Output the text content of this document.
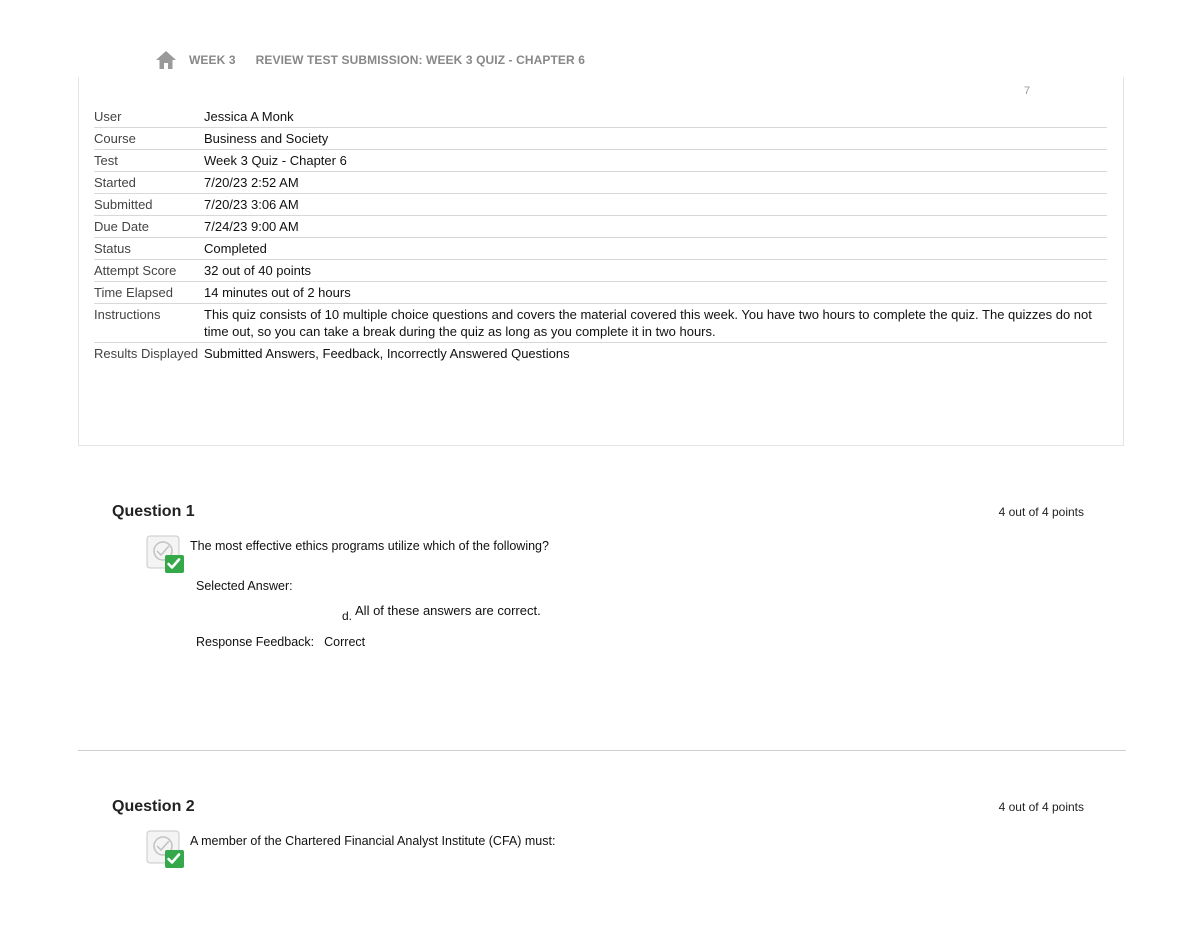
WEEK 3 REVIEW TEST SUBMISSION: WEEK 3 QUIZ - CHAPTER 6
7
User	Jessica A Monk
Course	Business and Society
Test	Week 3 Quiz - Chapter 6
Started	7/20/23 2:52 AM
Submitted	7/20/23 3:06 AM
Due Date	7/24/23 9:00 AM
Status	Completed
Attempt Score	32 out of 40 points
Time Elapsed	14 minutes out of 2 hours
Instructions	This quiz consists of 10 multiple choice questions and covers the material covered this week. You have two hours to complete the quiz. The quizzes do not time out, so you can take a break during the quiz as long as you complete it in two hours.
Results Displayed	Submitted Answers, Feedback, Incorrectly Answered Questions
Question 1	4 out of 4 points
The most effective ethics programs utilize which of the following?
Selected Answer:
d. All of these answers are correct.
Response Feedback: Correct
Question 2	4 out of 4 points
A member of the Chartered Financial Analyst Institute (CFA) must:
